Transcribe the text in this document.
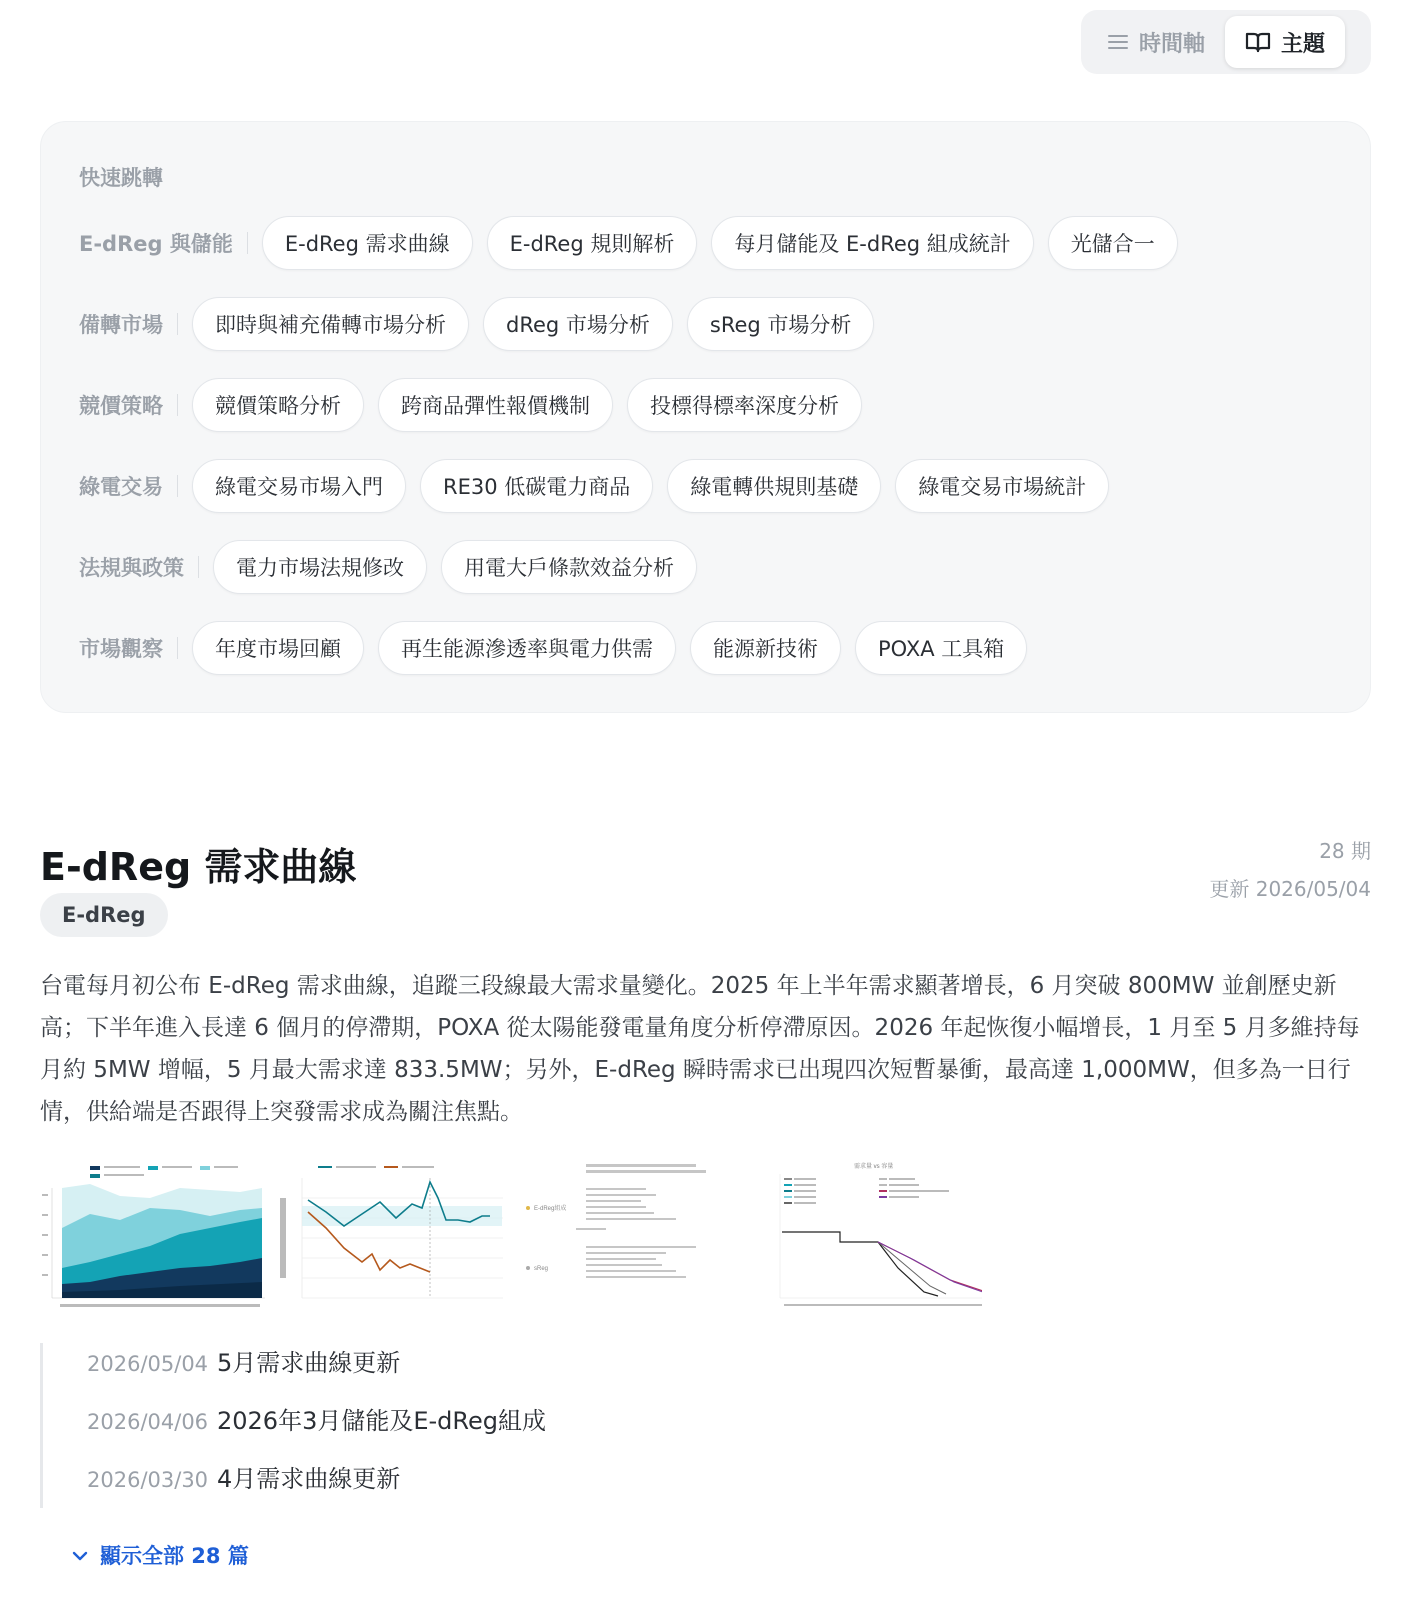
時間軸	主題
快速跳轉
E-dReg 與儲能	E-dReg 需求曲線	E-dReg 規則解析	每月儲能及 E-dReg 組成統計	光儲合一
備轉市場	即時與補充備轉市場分析	dReg 市場分析	sReg 市場分析
競價策略	競價策略分析	跨商品彈性報價機制	投標得標率深度分析
綠電交易	綠電交易市場入門	RE30 低碳電力商品	綠電轉供規則基礎	綠電交易市場統計
法規與政策	電力市場法規修改	用電大戶條款效益分析
市場觀察	年度市場回顧	再生能源滲透率與電力供需	能源新技術	POXA 工具箱
E-dReg 需求曲線
E-dReg
28 期
更新 2026/05/04
台電每月初公布 E-dReg 需求曲線，追蹤三段線最大需求量變化。2025 年上半年需求顯著增長，6 月突破 800MW 並創歷史新高；下半年進入長達 6 個月的停滯期，POXA 從太陽能發電量角度分析停滯原因。2026 年起恢復小幅增長，1 月至 5 月多維持每月約 5MW 增幅，5 月最大需求達 833.5MW；另外，E-dReg 瞬時需求已出現四次短暫暴衝，最高達 1,000MW，但多為一日行情，供給端是否跟得上突發需求成為關注焦點。
E-dReg組成
sReg
需求量 vs 容量
2026/05/04 5月需求曲線更新
2026/04/06 2026年3月儲能及E-dReg組成
2026/03/30 4月需求曲線更新
顯示全部 28 篇
